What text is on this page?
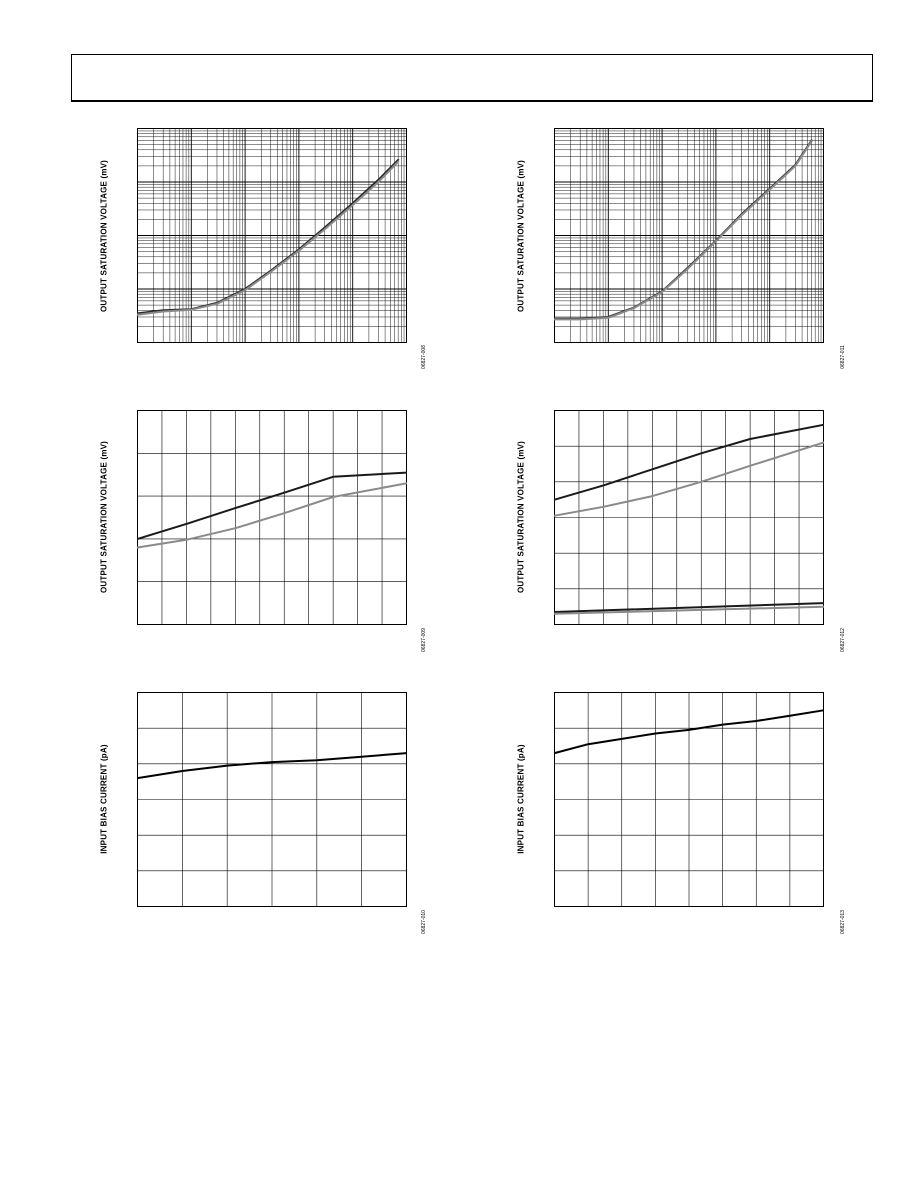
OUTPUT SATURATION VOLTAGE (mV)
06827-008
OUTPUT SATURATION VOLTAGE (mV)
06827-011
OUTPUT SATURATION VOLTAGE (mV)
06827-009
OUTPUT SATURATION VOLTAGE (mV)
06827-012
INPUT BIAS CURRENT (pA)
06827-010
INPUT BIAS CURRENT (pA)
06827-013
